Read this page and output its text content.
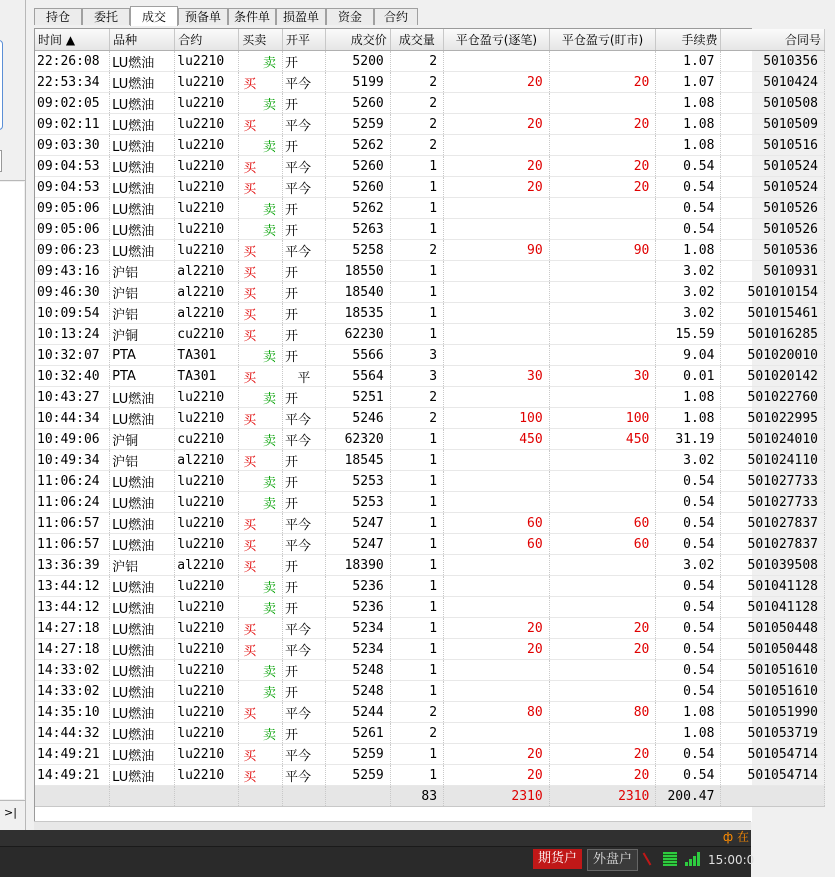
>|
持仓	委托	成交	预备单	条件单	损盈单	资金	合约
时间 ▲	品种	合约	买卖	开平	成交价	成交量	平仓盈亏(逐笔)	平仓盈亏(盯市)	手续费	合同号
22:26:08	LU燃油	lu2210	卖	开	5200	2			1.07	5010356
22:53:34	LU燃油	lu2210	买	平今	5199	2	20	20	1.07	5010424
09:02:05	LU燃油	lu2210	卖	开	5260	2			1.08	5010508
09:02:11	LU燃油	lu2210	买	平今	5259	2	20	20	1.08	5010509
09:03:30	LU燃油	lu2210	卖	开	5262	2			1.08	5010516
09:04:53	LU燃油	lu2210	买	平今	5260	1	20	20	0.54	5010524
09:04:53	LU燃油	lu2210	买	平今	5260	1	20	20	0.54	5010524
09:05:06	LU燃油	lu2210	卖	开	5262	1			0.54	5010526
09:05:06	LU燃油	lu2210	卖	开	5263	1			0.54	5010526
09:06:23	LU燃油	lu2210	买	平今	5258	2	90	90	1.08	5010536
09:43:16	沪铝	al2210	买	开	18550	1			3.02	5010931
09:46:30	沪铝	al2210	买	开	18540	1			3.02	501010154
10:09:54	沪铝	al2210	买	开	18535	1			3.02	501015461
10:13:24	沪铜	cu2210	买	开	62230	1			15.59	501016285
10:32:07	PTA	TA301	卖	开	5566	3			9.04	501020010
10:32:40	PTA	TA301	买	平	5564	3	30	30	0.01	501020142
10:43:27	LU燃油	lu2210	卖	开	5251	2			1.08	501022760
10:44:34	LU燃油	lu2210	买	平今	5246	2	100	100	1.08	501022995
10:49:06	沪铜	cu2210	卖	平今	62320	1	450	450	31.19	501024010
10:49:34	沪铝	al2210	买	开	18545	1			3.02	501024110
11:06:24	LU燃油	lu2210	卖	开	5253	1			0.54	501027733
11:06:24	LU燃油	lu2210	卖	开	5253	1			0.54	501027733
11:06:57	LU燃油	lu2210	买	平今	5247	1	60	60	0.54	501027837
11:06:57	LU燃油	lu2210	买	平今	5247	1	60	60	0.54	501027837
13:36:39	沪铝	al2210	买	开	18390	1			3.02	501039508
13:44:12	LU燃油	lu2210	卖	开	5236	1			0.54	501041128
13:44:12	LU燃油	lu2210	卖	开	5236	1			0.54	501041128
14:27:18	LU燃油	lu2210	买	平今	5234	1	20	20	0.54	501050448
14:27:18	LU燃油	lu2210	买	平今	5234	1	20	20	0.54	501050448
14:33:02	LU燃油	lu2210	卖	开	5248	1			0.54	501051610
14:33:02	LU燃油	lu2210	卖	开	5248	1			0.54	501051610
14:35:10	LU燃油	lu2210	买	平今	5244	2	80	80	1.08	501051990
14:44:32	LU燃油	lu2210	卖	开	5261	2			1.08	501053719
14:49:21	LU燃油	lu2210	买	平今	5259	1	20	20	0.54	501054714
14:49:21	LU燃油	lu2210	买	平今	5259	1	20	20	0.54	501054714
						83	2310	2310	200.47	
ф 在
期货户	外盘户	15:00:0
